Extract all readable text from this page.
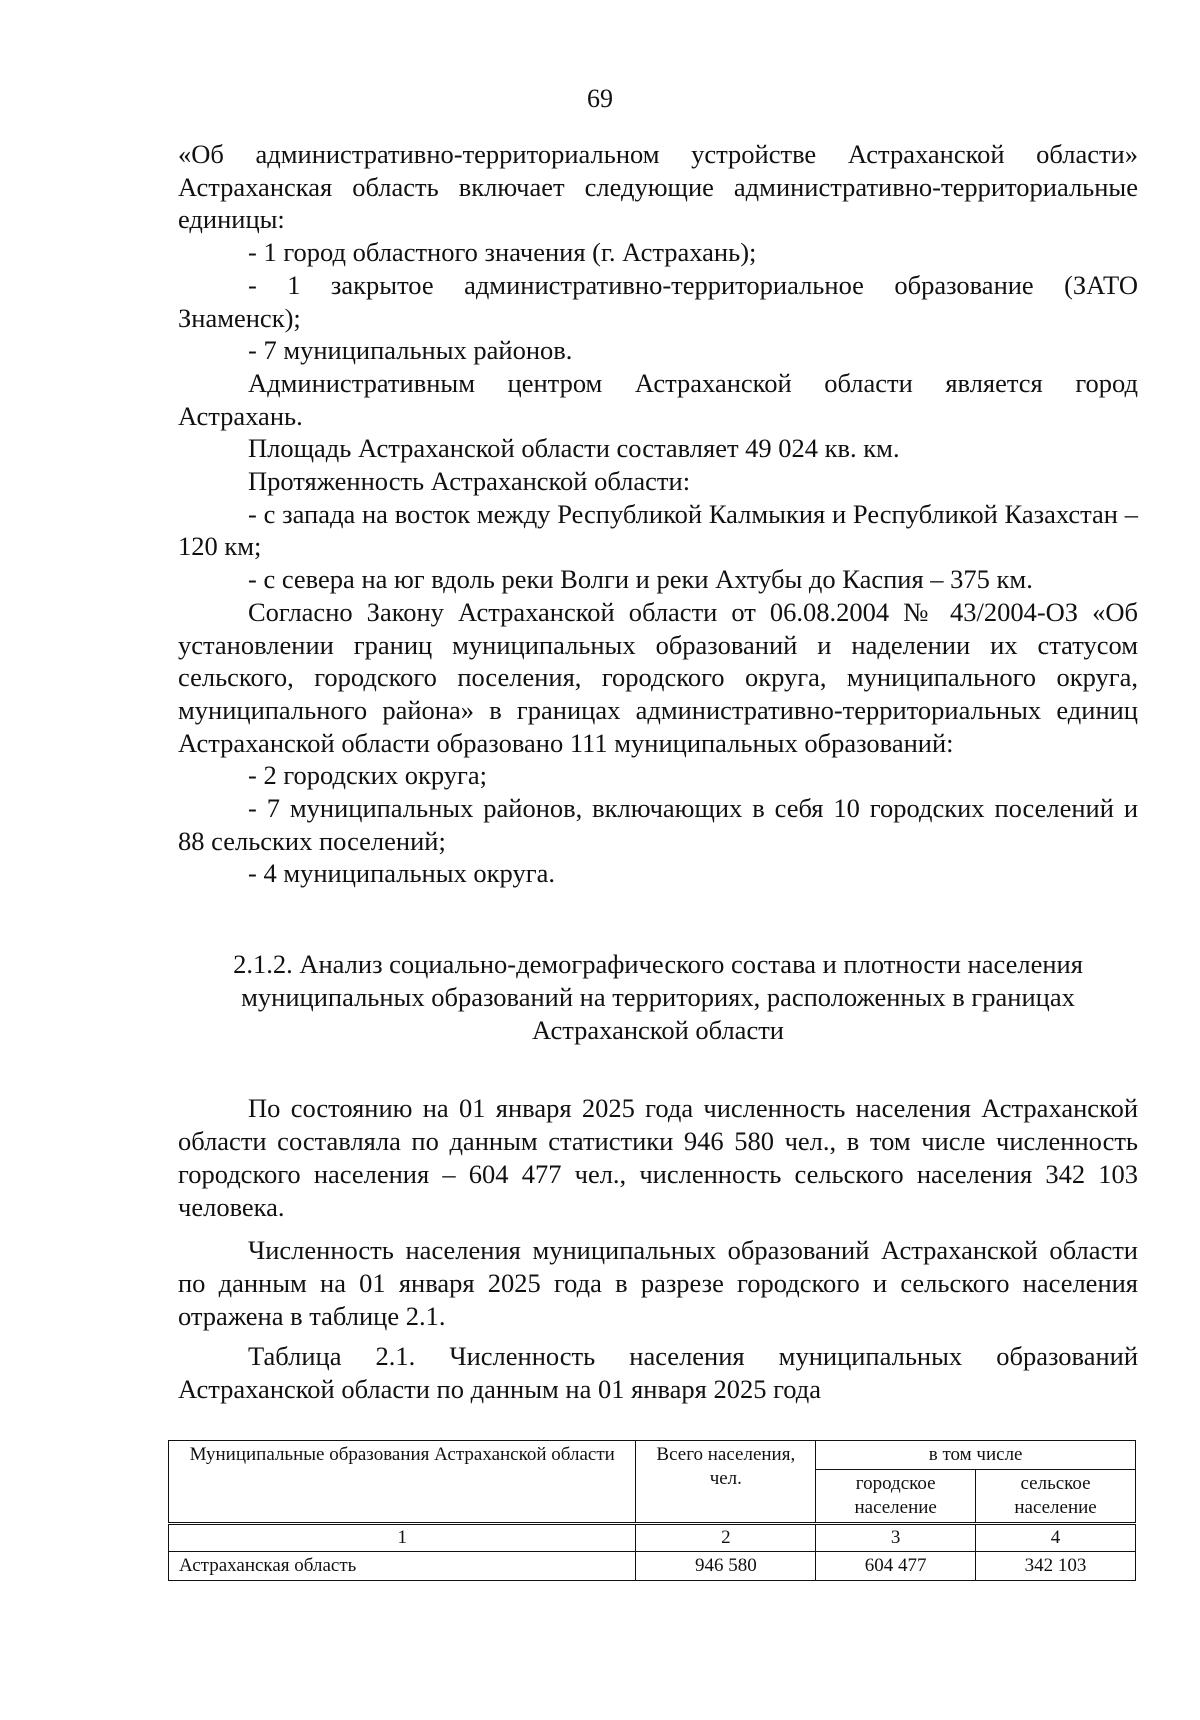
69

«Об административно-территориальном устройстве Астраханской области» Астраханская область включает следующие административно-территориальные единицы:

- 1 город областного значения (г. Астрахань);

- 1 закрытое административно-территориальное образование (ЗАТО Знаменск);

- 7 муниципальных районов.

Административным центром Астраханской области является город Астрахань.

Площадь Астраханской области составляет 49 024 кв. км.

Протяженность Астраханской области:

- с запада на восток между Республикой Калмыкия и Республикой Казахстан – 120 км;

- с севера на юг вдоль реки Волги и реки Ахтубы до Каспия – 375 км.

Согласно Закону Астраханской области от 06.08.2004 № 43/2004-ОЗ «Об установлении границ муниципальных образований и наделении их статусом сельского, городского поселения, городского округа, муниципального округа, муниципального района» в границах административно-территориальных единиц Астраханской области образовано 111 муниципальных образований:

- 2 городских округа;

- 7 муниципальных районов, включающих в себя 10 городских поселений и 88 сельских поселений;

- 4 муниципальных округа.

2.1.2. Анализ социально-демографического состава и плотности населения муниципальных образований на территориях, расположенных в границах Астраханской области

По состоянию на 01 января 2025 года численность населения Астраханской области составляла по данным статистики 946 580 чел., в том числе численность городского населения – 604 477 чел., численность сельского населения 342 103 человека.

Численность населения муниципальных образований Астраханской области по данным на 01 января 2025 года в разрезе городского и сельского населения отражена в таблице 2.1.

Таблица 2.1. Численность населения муниципальных образований Астраханской области по данным на 01 января 2025 года
Муниципальные образования Астраханской области	Всего населения, чел.	в том числе	
		городское население	сельское население
1	2	3	4
Астраханская область	946 580	604 477	342 103
